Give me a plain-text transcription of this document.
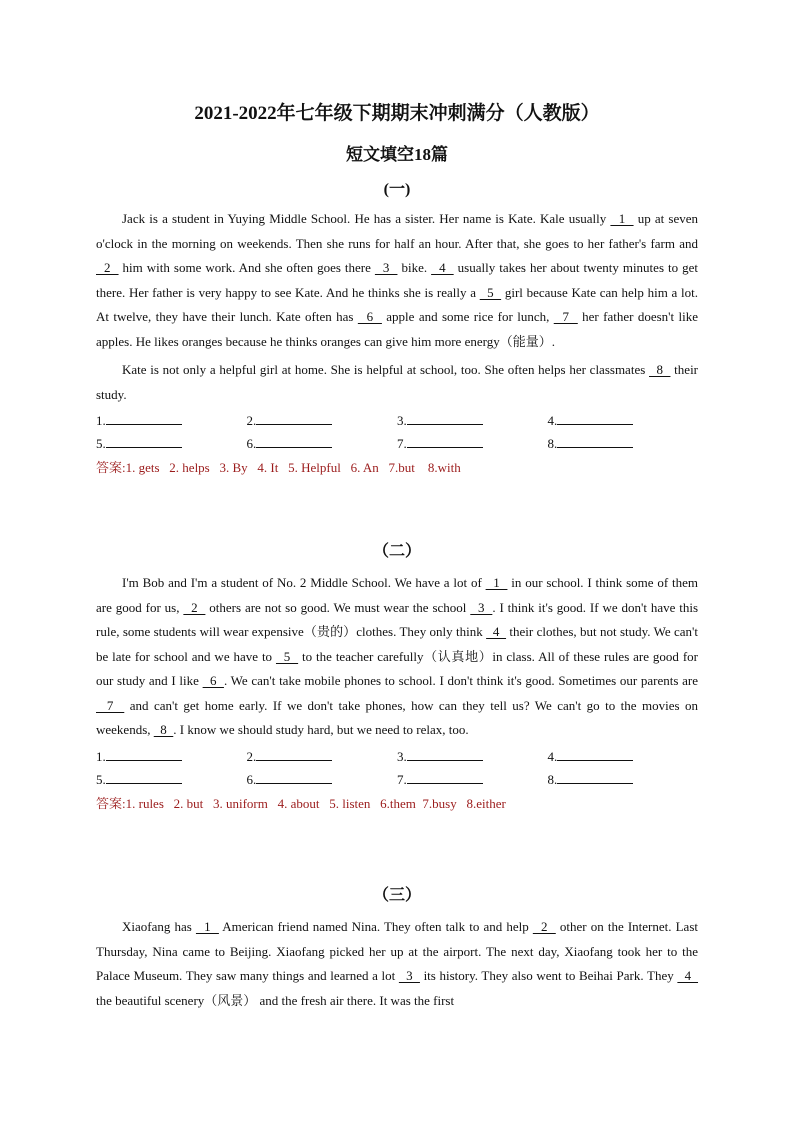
2021-2022年七年级下期期末冲刺满分（人教版）
短文填空18篇

(一)

Jack is a student in Yuying Middle School. He has a sister. Her name is Kate. Kale usually   1   up at seven o'clock in the morning on weekends. Then she runs for half an hour. After that, she goes to her father's farm and   2   him with some work. And she often goes there   3   bike.   4   usually takes her about twenty minutes to get there. Her father is very happy to see Kate. And he thinks she is really a   5   girl because Kate can help him a lot. At twelve, they have their lunch. Kate often has   6   apple and some rice for lunch,   7   her father doesn't like apples. He likes oranges because he thinks oranges can give him more energy（能量）.

Kate is not only a helpful girl at home. She is helpful at school, too. She often helps her classmates   8   their study.

1.	2.	3.	4.
5.	6.	7.	8.
答案:1. gets   2. helps   3. By   4. It   5. Helpful   6. An   7.but    8.with

（二）

I'm Bob and I'm a student of No. 2 Middle School. We have a lot of   1   in our school. I think some of them are good for us,   2   others are not so good. We must wear the school   3  . I think it's good. If we don't have this rule, some students will wear expensive（贵的）clothes. They only think   4   their clothes, but not study. We can't be late for school and we have to   5   to the teacher carefully（认真地）in class. All of these rules are good for our study and I like   6  . We can't take mobile phones to school. I don't think it's good. Sometimes our parents are   7   and can't get home early. If we don't take phones, how can they tell us? We can't go to the movies on weekends,   8  . I know we should study hard, but we need to relax, too.

1.	2.	3.	4.
5.	6.	7.	8.
答案:1. rules   2. but   3. uniform   4. about   5. listen   6.them  7.busy   8.either

（三）

Xiaofang has   1   American friend named Nina. They often talk to and help   2   other on the Internet. Last Thursday, Nina came to Beijing. Xiaofang picked her up at the airport. The next day, Xiaofang took her to the Palace Museum. They saw many things and learned a lot   3   its history. They also went to Beihai Park. They   4   the beautiful scenery（风景） and the fresh air there. It was the first
